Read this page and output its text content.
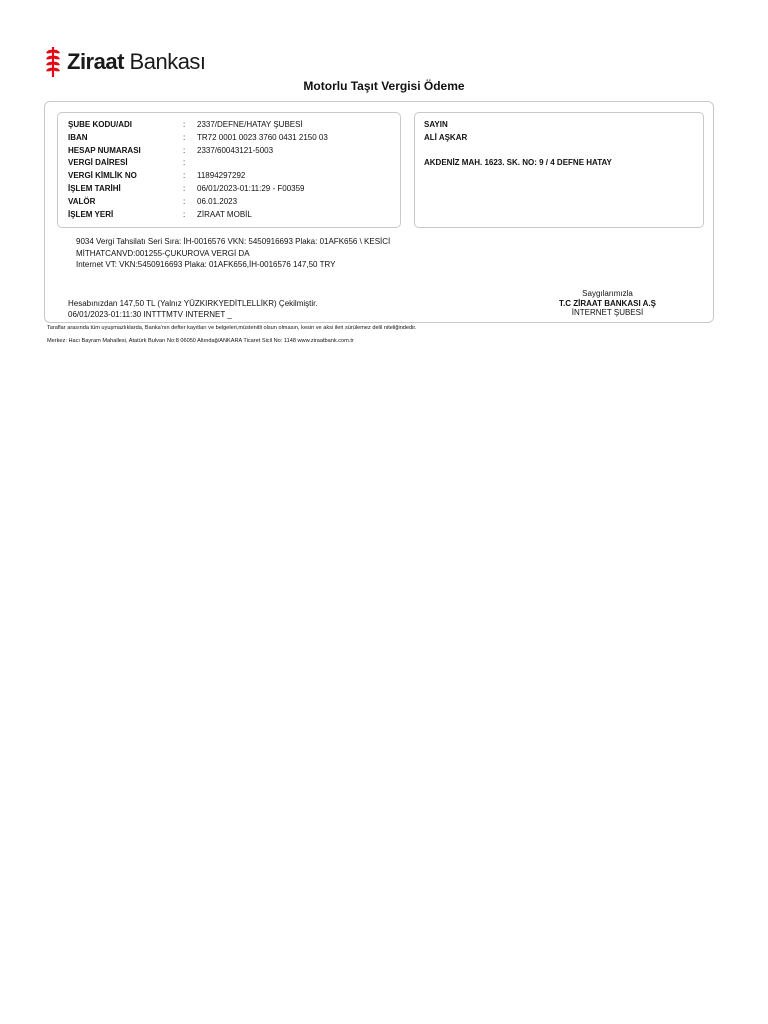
Ziraat Bankası
Motorlu Taşıt Vergisi Ödeme
ŞUBE KODU/ADI	: 2337/DEFNE/HATAY ŞUBESİ
IBAN	: TR72 0001 0023 3760 0431 2150 03
HESAP NUMARASI	: 2337/60043121-5003
VERGİ DAİRESİ	:
VERGİ KİMLİK NO	: 11894297292
İŞLEM TARİHİ	: 06/01/2023-01:11:29 - F00359
VALÖR	: 06.01.2023
İŞLEM YERİ	: ZİRAAT MOBİL
SAYIN
ALİ AŞKAR
AKDENİZ MAH. 1623. SK. NO: 9 / 4 DEFNE HATAY
9034 Vergi Tahsilatı Seri Sıra: İH-0016576 VKN: 5450916693 Plaka: 01AFK656 \ KESİCİ
MİTHATCANVD:001255-ÇUKUROVA VERGİ DA
Internet VT: VKN:5450916693 Plaka: 01AFK656,İH-0016576 147,50 TRY
Hesabınızdan 147,50 TL (Yalnız YÜZKIRKYEDİTLELLİKR) Çekilmiştir.
06/01/2023-01:11:30 INTTTMTV INTERNET _
Saygılarımızla
T.C ZİRAAT BANKASI A.Ş
İNTERNET ŞUBESİ
Taraflar arasında tüm uyuşmazlıklarda, Banka'nın defter kayıtları ve belgeleri,müstenitli olsun olmasın, kesin ve aksi ileri sürülemez delil niteliğindedir.
Merkez: Hacı Bayram Mahallesi, Atatürk Bulvarı No:8 06050 Altındağ/ANKARA Ticaret Sicil No: 1148 www.ziraatbank.com.tr
